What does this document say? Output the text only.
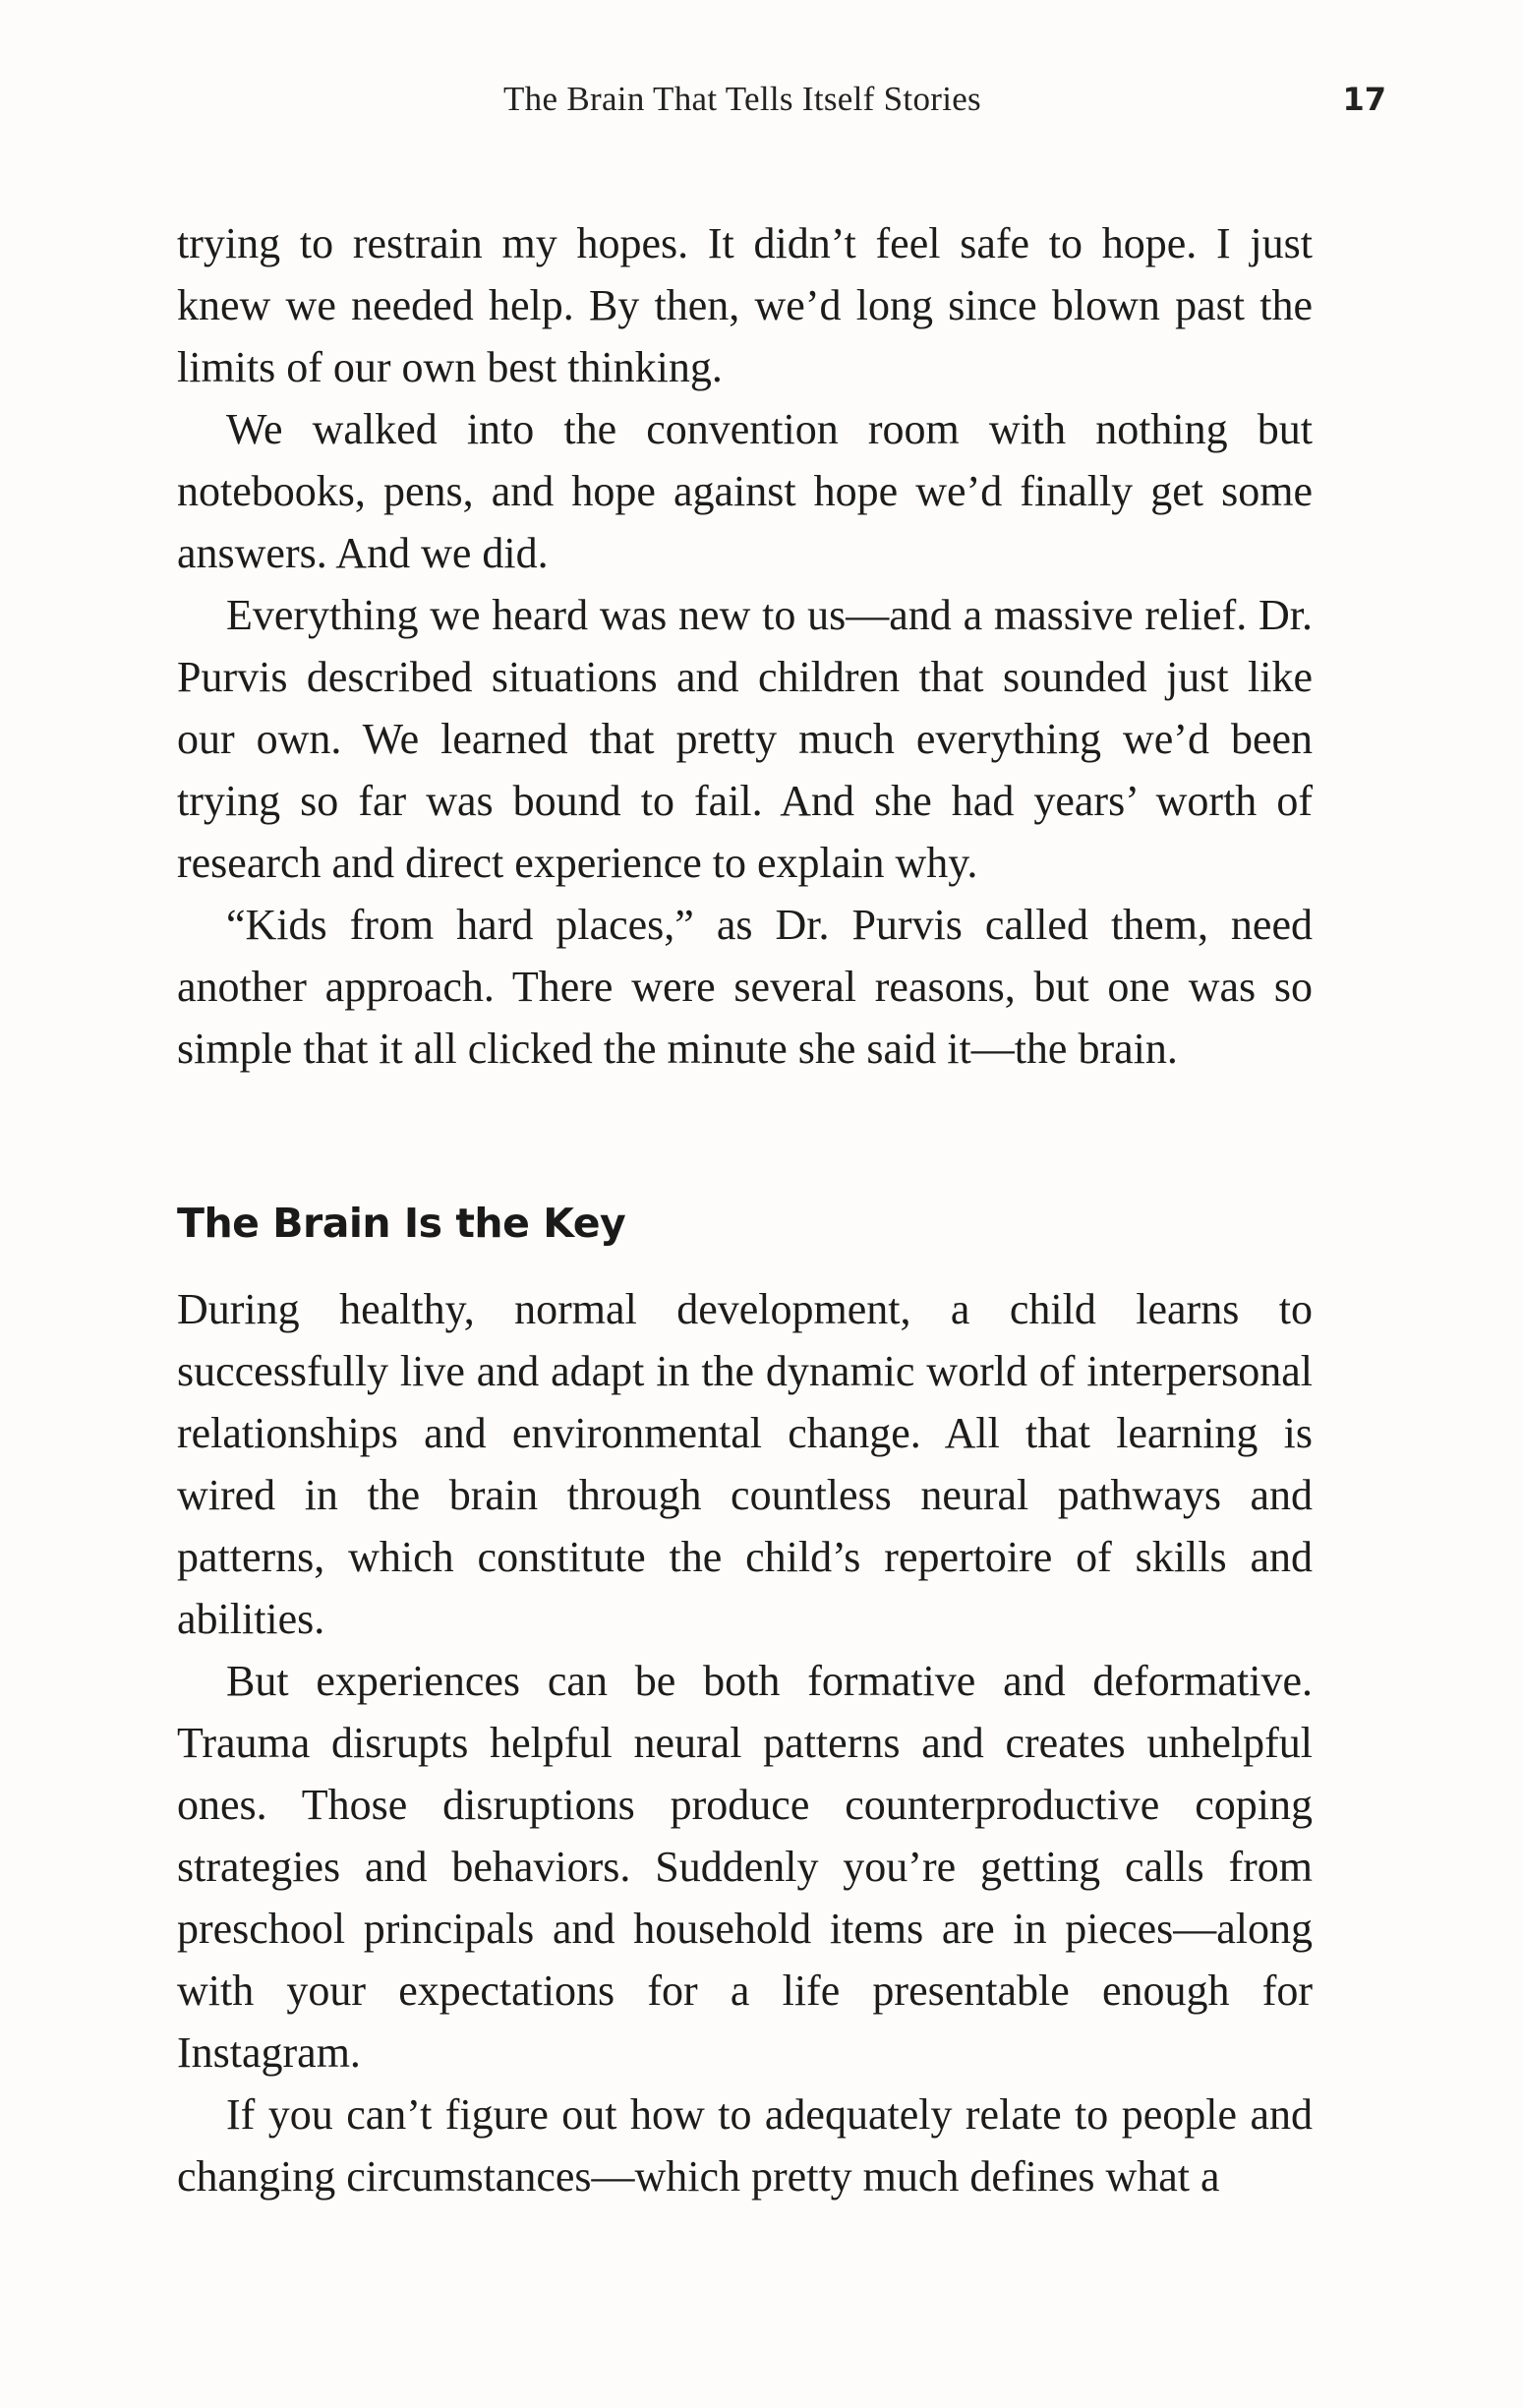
The Brain That Tells Itself Stories	17

trying to restrain my hopes. It didn’t feel safe to hope. I just knew we needed help. By then, we’d long since blown past the limits of our own best thinking.

We walked into the convention room with nothing but notebooks, pens, and hope against hope we’d finally get some answers. And we did.

Everything we heard was new to us—and a massive relief. Dr. Purvis described situations and children that sounded just like our own. We learned that pretty much everything we’d been trying so far was bound to fail. And she had years’ worth of research and direct experience to explain why.

“Kids from hard places,” as Dr. Purvis called them, need another approach. There were several reasons, but one was so simple that it all clicked the minute she said it—the brain.

The Brain Is the Key

During healthy, normal development, a child learns to successfully live and adapt in the dynamic world of interpersonal relationships and environmental change. All that learning is wired in the brain through countless neural pathways and patterns, which constitute the child’s repertoire of skills and abilities.

But experiences can be both formative and deformative. Trauma disrupts helpful neural patterns and creates unhelpful ones. Those disruptions produce counterproductive coping strategies and behaviors. Suddenly you’re getting calls from preschool principals and household items are in pieces—along with your expectations for a life presentable enough for Instagram.

If you can’t figure out how to adequately relate to people and changing circumstances—which pretty much defines what a
